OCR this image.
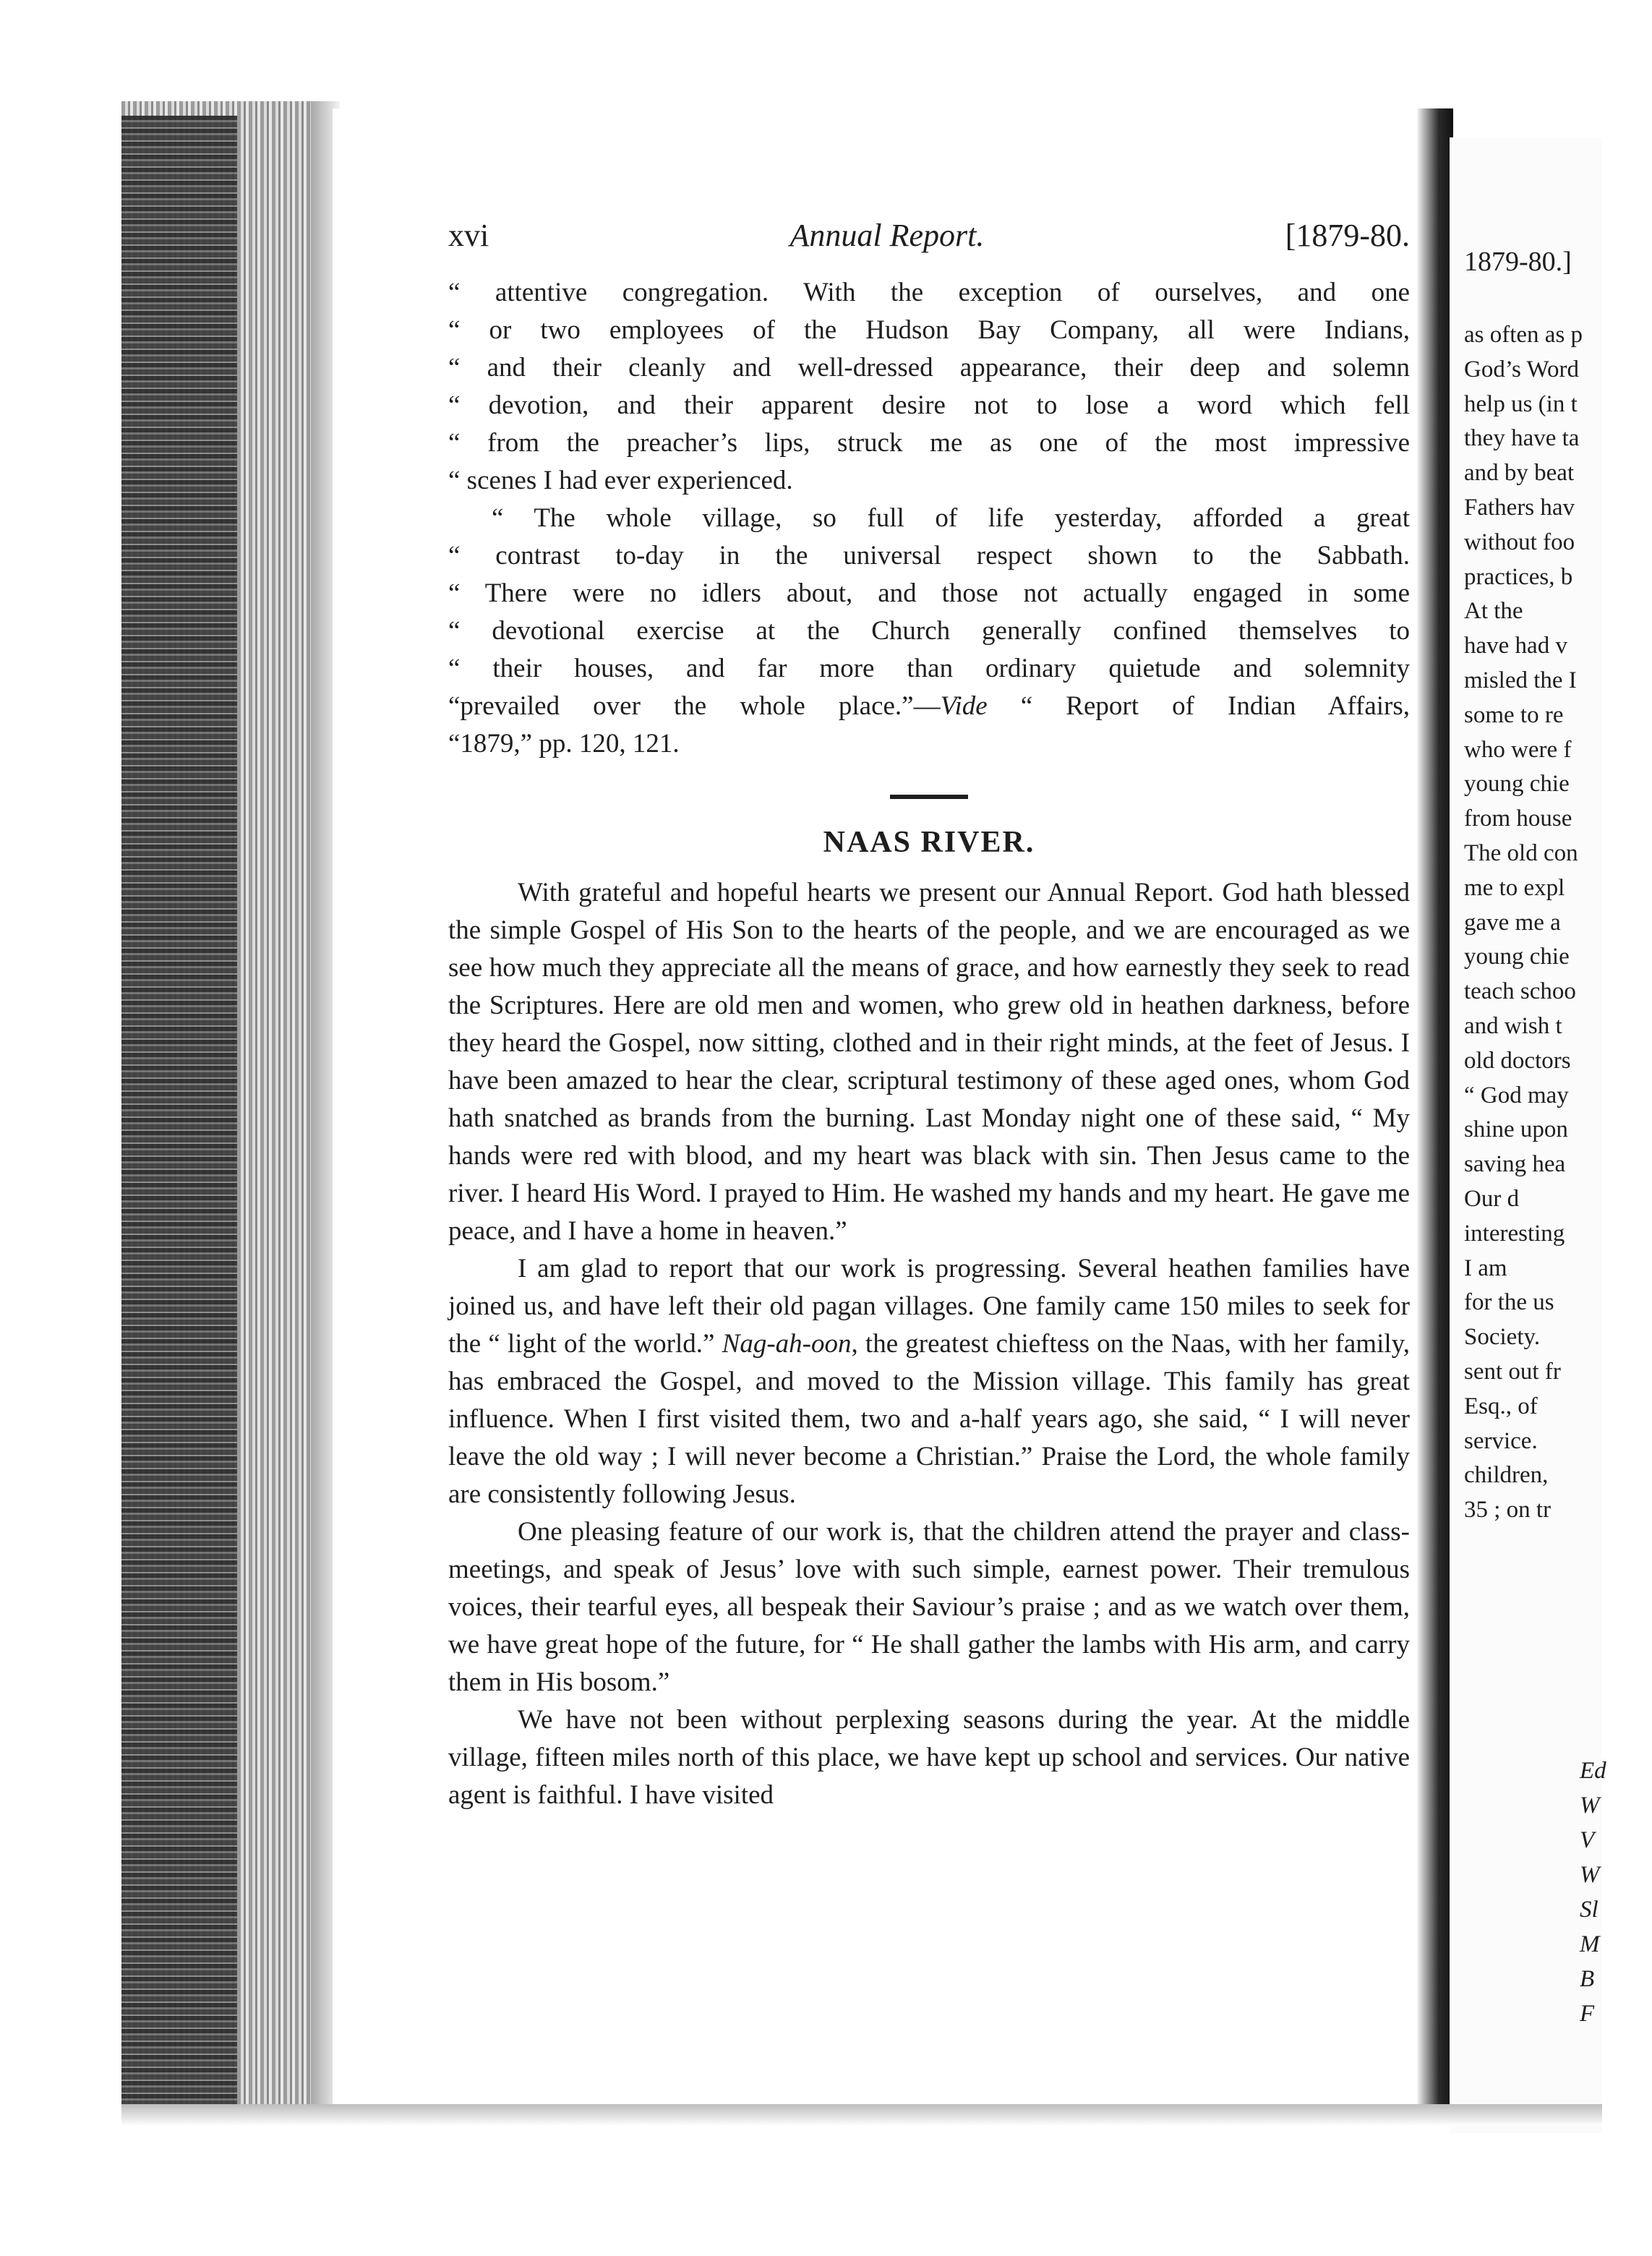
xvi	Annual Report.	[1879-80.
“ attentive congregation. With the exception of ourselves, and one
“ or two employees of the Hudson Bay Company, all were Indians,
“ and their cleanly and well-dressed appearance, their deep and solemn
“ devotion, and their apparent desire not to lose a word which fell
“ from the preacher’s lips, struck me as one of the most impressive
“ scenes I had ever experienced.
“ The whole village, so full of life yesterday, afforded a great
“ contrast to-day in the universal respect shown to the Sabbath.
“ There were no idlers about, and those not actually engaged in some
“ devotional exercise at the Church generally confined themselves to
“ their houses, and far more than ordinary quietude and solemnity
“prevailed over the whole place.”—Vide “ Report of Indian Affairs,
“1879,” pp. 120, 121.
NAAS RIVER.

With grateful and hopeful hearts we present our Annual Report. God hath blessed the simple Gospel of His Son to the hearts of the people, and we are encouraged as we see how much they appreciate all the means of grace, and how earnestly they seek to read the Scriptures. Here are old men and women, who grew old in heathen darkness, before they heard the Gospel, now sitting, clothed and in their right minds, at the feet of Jesus. I have been amazed to hear the clear, scriptural testimony of these aged ones, whom God hath snatched as brands from the burning. Last Monday night one of these said, “ My hands were red with blood, and my heart was black with sin. Then Jesus came to the river. I heard His Word. I prayed to Him. He washed my hands and my heart. He gave me peace, and I have a home in heaven.”

I am glad to report that our work is progressing. Several heathen families have joined us, and have left their old pagan villages. One family came 150 miles to seek for the “ light of the world.” Nag-ah-oon, the greatest chieftess on the Naas, with her family, has embraced the Gospel, and moved to the Mission village. This family has great influence. When I first visited them, two and a-half years ago, she said, “ I will never leave the old way ; I will never become a Christian.” Praise the Lord, the whole family are consistently following Jesus.

One pleasing feature of our work is, that the children attend the prayer and class-meetings, and speak of Jesus’ love with such simple, earnest power. Their tremulous voices, their tearful eyes, all bespeak their Saviour’s praise ; and as we watch over them, we have great hope of the future, for “ He shall gather the lambs with His arm, and carry them in His bosom.”

We have not been without perplexing seasons during the year. At the middle village, fifteen miles north of this place, we have kept up school and services. Our native agent is faithful. I have visited

1879-80.]
as often as p
God’s Word
help us (in t
they have ta
and by beat
Fathers hav
without foo
practices, b
At the
have had v
misled the I
some to re
who were f
young chie
from house
The old con
me to expl
gave me a
young chie
teach schoo
and wish t
old doctors
“ God may
shine upon
saving hea
Our d
interesting
I am
for the us
Society.
sent out fr
Esq., of
service.
children,
35 ; on tr
Ed
W
V
W
Sl
M
B
F
